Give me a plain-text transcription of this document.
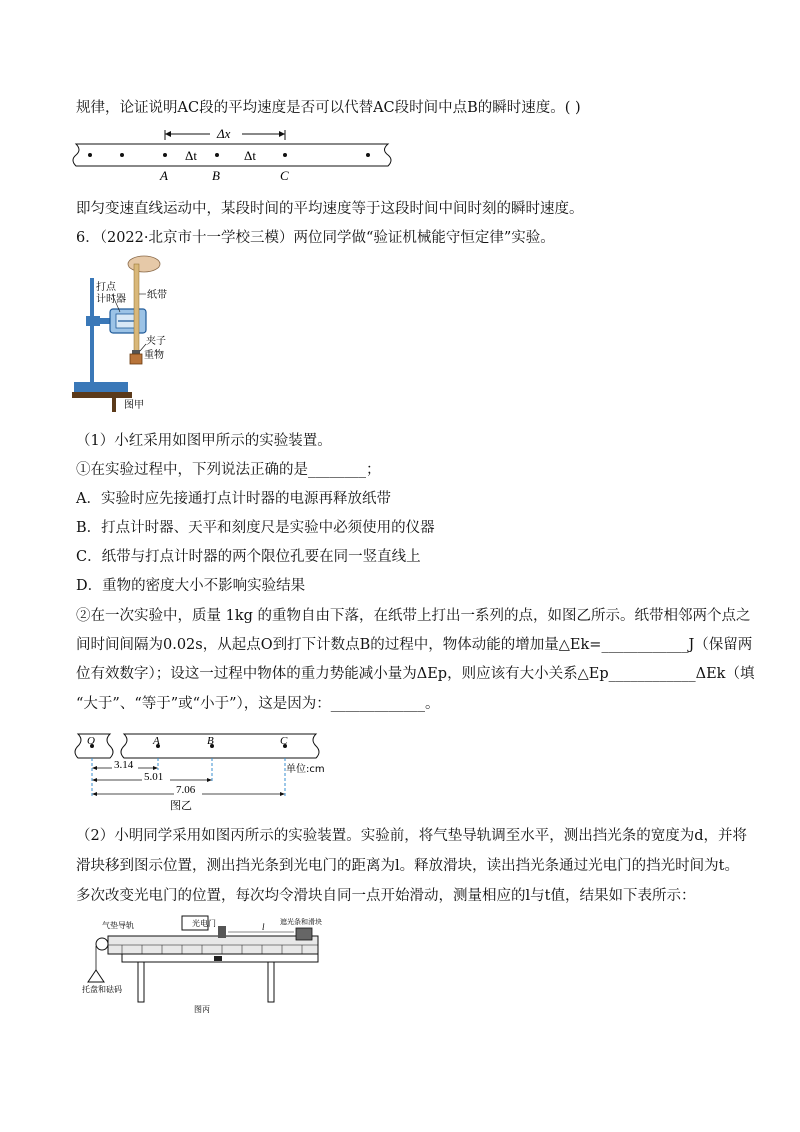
规律，论证说明AC段的平均速度是否可以代替AC段时间中点B的瞬时速度。( )
Δx
Δt	Δt
A	B	C
即匀变速直线运动中，某段时间的平均速度等于这段时间中间时刻的瞬时速度。
6．（2022·北京市十一学校三模）两位同学做“验证机械能守恒定律”实验。
打点
计时器 纸带
夹子
重物
图甲
（1）小红采用如图甲所示的实验装置。
①在实验过程中，下列说法正确的是________；
A．实验时应先接通打点计时器的电源再释放纸带
B．打点计时器、天平和刻度尺是实验中必须使用的仪器
C．纸带与打点计时器的两个限位孔要在同一竖直线上
D．重物的密度大小不影响实验结果
②在一次实验中，质量 1kg 的重物自由下落，在纸带上打出一系列的点，如图乙所示。纸带相邻两个点之
间时间间隔为0.02s，从起点O到打下计数点B的过程中，物体动能的增加量△Ek=____________J（保留两
位有效数字）；设这一过程中物体的重力势能减小量为ΔEp，则应该有大小关系△Ep____________ΔEk（填
“大于”、“等于”或“小于”），这是因为：_____________。
O	A	B	C
3.14
5.01
7.06
单位:cm
图乙
（2）小明同学采用如图丙所示的实验装置。实验前，将气垫导轨调至水平，测出挡光条的宽度为d，并将
滑块移到图示位置，测出挡光条到光电门的距离为l。释放滑块，读出挡光条通过光电门的挡光时间为t。
多次改变光电门的位置，每次均令滑块自同一点开始滑动，测量相应的l与t值，结果如下表所示：
l
气垫导轨	光电门	遮光条和滑块
托盘和砝码
图丙
